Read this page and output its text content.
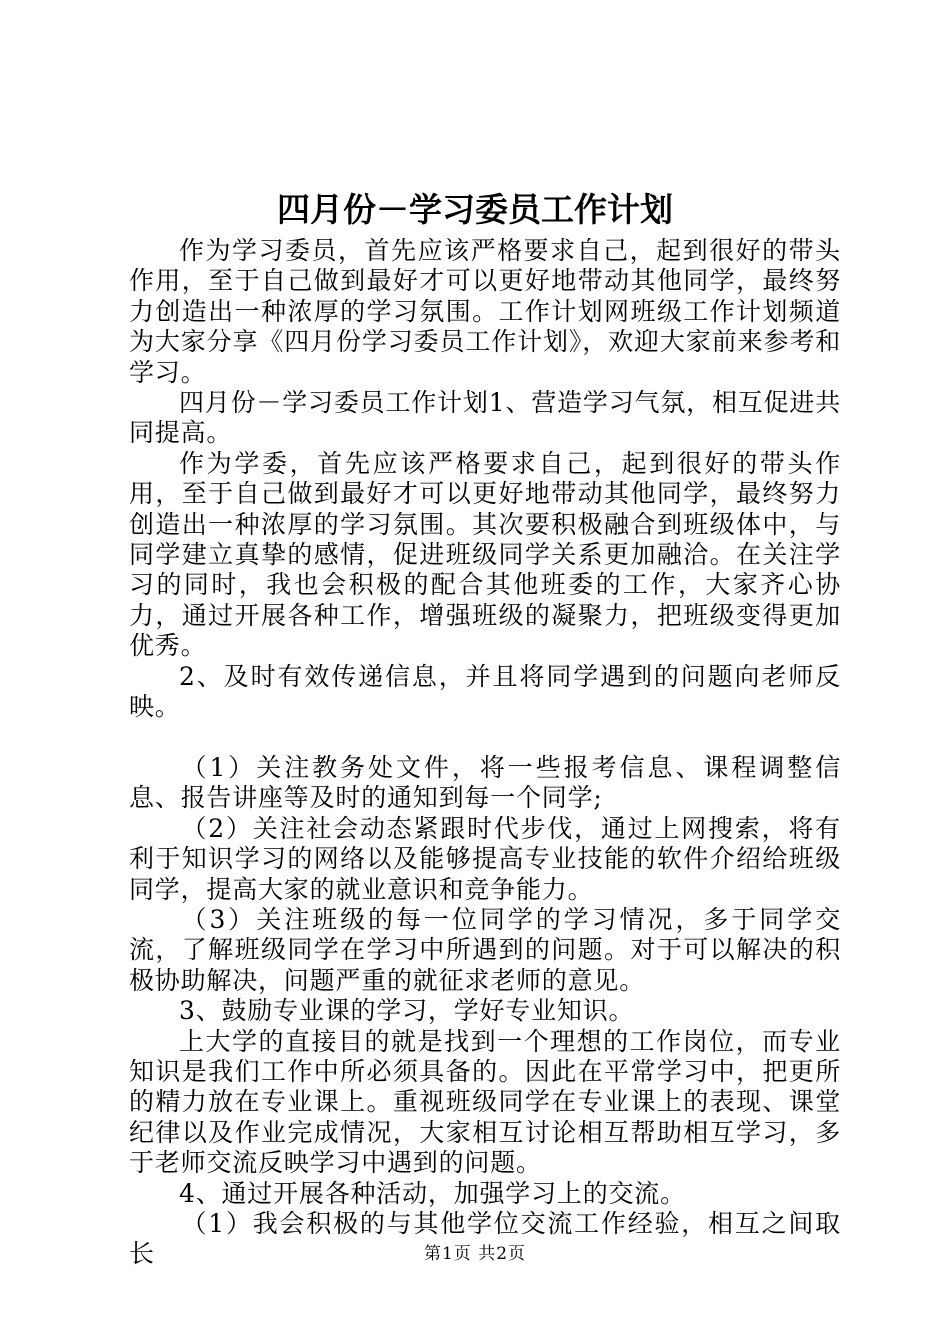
四月份－学习委员工作计划

作为学习委员，首先应该严格要求自己，起到很好的带头作用，至于自己做到最好才可以更好地带动其他同学，最终努力创造出一种浓厚的学习氛围。工作计划网班级工作计划频道为大家分享《四月份学习委员工作计划》，欢迎大家前来参考和学习。

四月份－学习委员工作计划1、营造学习气氛，相互促进共同提高。

作为学委，首先应该严格要求自己，起到很好的带头作用，至于自己做到最好才可以更好地带动其他同学，最终努力创造出一种浓厚的学习氛围。其次要积极融合到班级体中，与同学建立真挚的感情，促进班级同学关系更加融洽。在关注学习的同时，我也会积极的配合其他班委的工作，大家齐心协力，通过开展各种工作，增强班级的凝聚力，把班级变得更加优秀。

2、及时有效传递信息，并且将同学遇到的问题向老师反映。

（1）关注教务处文件，将一些报考信息、课程调整信息、报告讲座等及时的通知到每一个同学;

（2）关注社会动态紧跟时代步伐，通过上网搜索，将有利于知识学习的网络以及能够提高专业技能的软件介绍给班级同学，提高大家的就业意识和竞争能力。

（3）关注班级的每一位同学的学习情况，多于同学交流，了解班级同学在学习中所遇到的问题。对于可以解决的积极协助解决，问题严重的就征求老师的意见。

3、鼓励专业课的学习，学好专业知识。

上大学的直接目的就是找到一个理想的工作岗位，而专业知识是我们工作中所必须具备的。因此在平常学习中，把更所的精力放在专业课上。重视班级同学在专业课上的表现、课堂纪律以及作业完成情况，大家相互讨论相互帮助相互学习，多于老师交流反映学习中遇到的问题。

4、通过开展各种活动，加强学习上的交流。

（1）我会积极的与其他学位交流工作经验，相互之间取长	第1页 共2页
